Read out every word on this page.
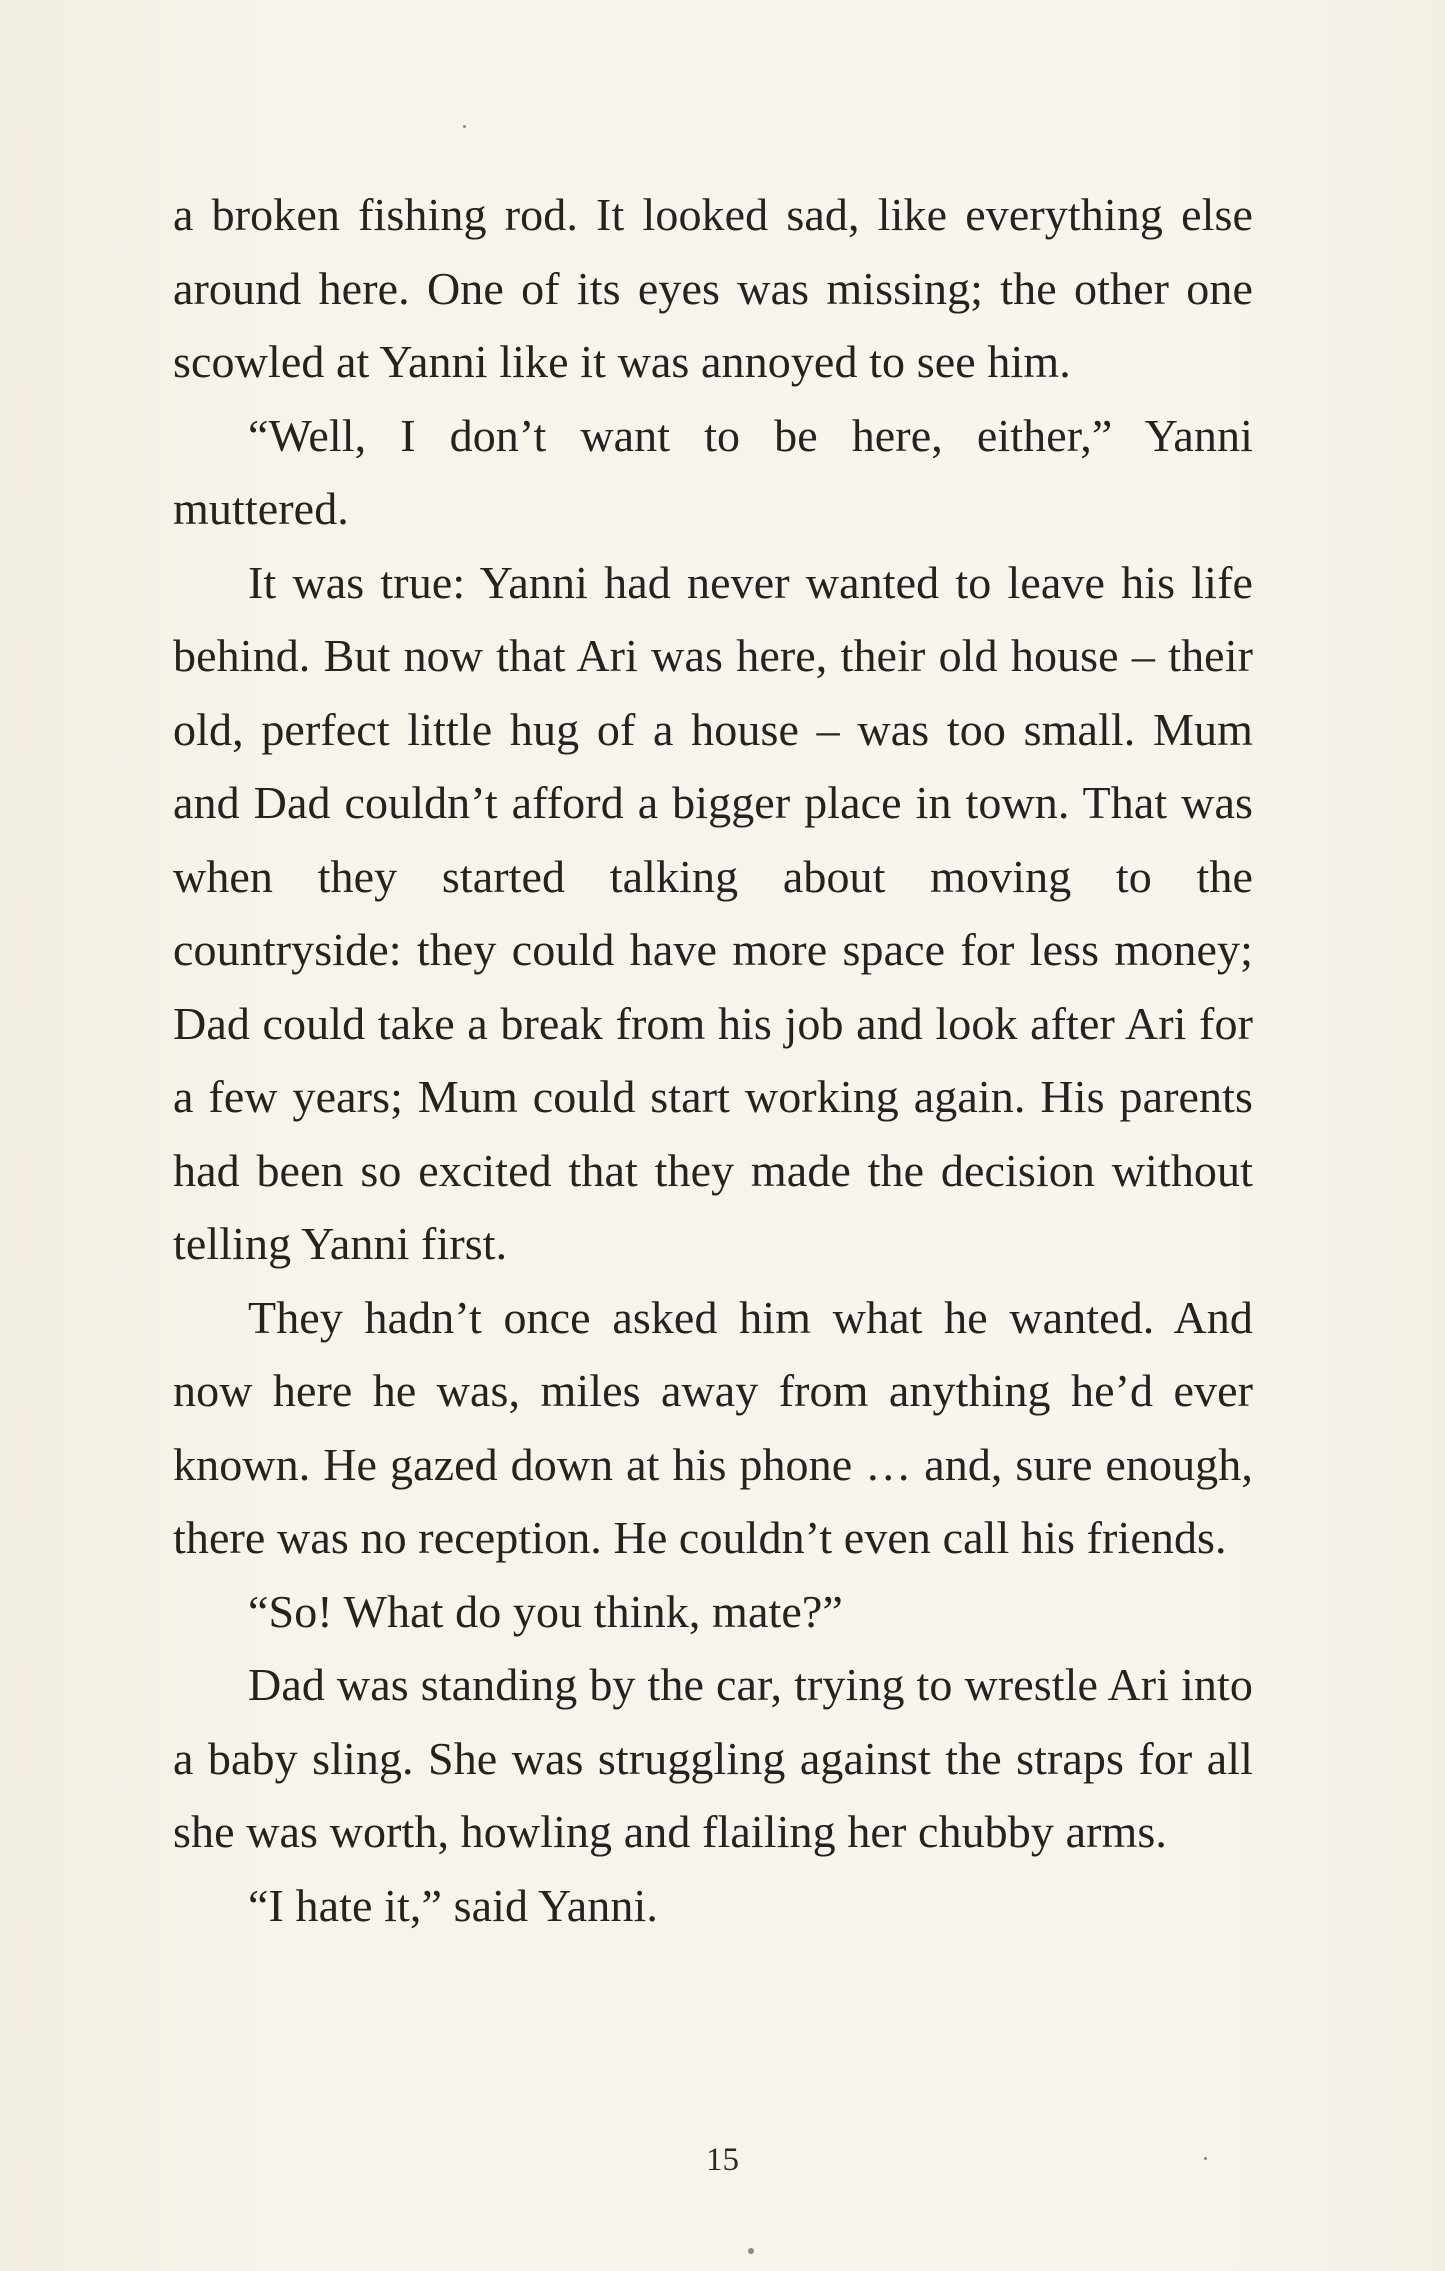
a broken fishing rod. It looked sad, like everything else around here. One of its eyes was missing; the other one scowled at Yanni like it was annoyed to see him.

“Well, I don’t want to be here, either,” Yanni muttered.

It was true: Yanni had never wanted to leave his life behind. But now that Ari was here, their old house – their old, perfect little hug of a house – was too small. Mum and Dad couldn’t afford a bigger place in town. That was when they started talking about moving to the countryside: they could have more space for less money; Dad could take a break from his job and look after Ari for a few years; Mum could start working again. His parents had been so excited that they made the decision without telling Yanni first.

They hadn’t once asked him what he wanted. And now here he was, miles away from anything he’d ever known. He gazed down at his phone … and, sure enough, there was no reception. He couldn’t even call his friends.

“So! What do you think, mate?”

Dad was standing by the car, trying to wrestle Ari into a baby sling. She was struggling against the straps for all she was worth, howling and flailing her chubby arms.

“I hate it,” said Yanni.

15
